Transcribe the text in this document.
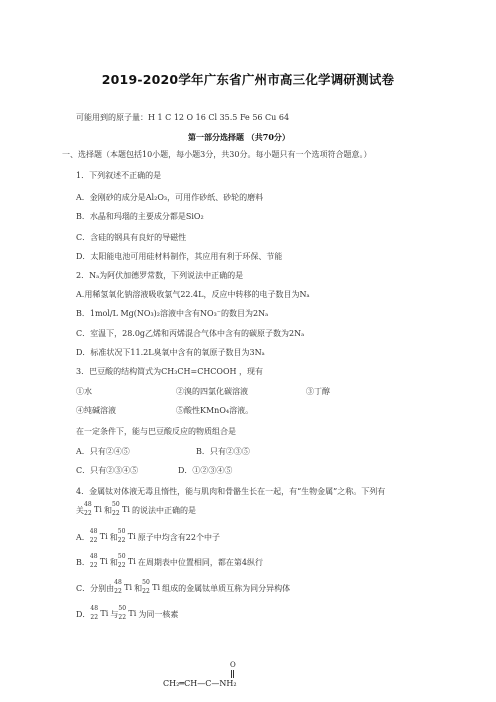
2019-2020学年广东省广州市高三化学调研测试卷
可能用到的原子量：H 1 C 12 O 16 Cl 35.5 Fe 56 Cu 64
第一部分选择题 （共70分）
一、选择题（本题包括10小题，每小题3分，共30分。每小题只有一个选项符合题意。）
1．下列叙述不正确的是
A．金刚砂的成分是Al₂O₃，可用作砂纸、砂轮的磨料
B．水晶和玛瑙的主要成分都是SiO₂
C．含硅的钢具有良好的导磁性
D．太阳能电池可用硅材料制作，其应用有利于环保、节能
2．Nₐ为阿伏加德罗常数，下列说法中正确的是
A.用稀氢氧化钠溶液吸收氯气22.4L，反应中转移的电子数目为Nₐ
B．1mol/L Mg(NO₃)₂溶液中含有NO₃⁻的数目为2Nₐ
C．室温下，28.0g乙烯和丙烯混合气体中含有的碳原子数为2Nₐ
D．标准状况下11.2L臭氧中含有的氧原子数目为3Nₐ
3．巴豆酸的结构简式为CH₃CH=CHCOOH ，现有
①水	②溴的四氯化碳溶液	③丁醇
④纯碱溶液	⑤酸性KMnO₄溶液。
在一定条件下，能与巴豆酸反应的物质组合是
A．只有②④⑤	B．只有②③⑤
C．只有②③④⑤	D．①②③④⑤
4．金属钛对体液无毒且惰性，能与肌肉和骨骼生长在一起，有“生物金属”之称。下列有
关
48
22 Ti 和
50
22 Ti 的说法中正确的是
A．
48
22 Ti 和
50
22 Ti 原子中均含有22个中子
B．
48
22 Ti 和
50
22 Ti 在周期表中位置相同，都在第4纵行
C．分别由
48
22 Ti 和
50
22 Ti 组成的金属钛单质互称为同分异构体
D．
48
22 Ti 与
50
22 Ti 为同一核素
O
CH₂═CH—C—NH₂
